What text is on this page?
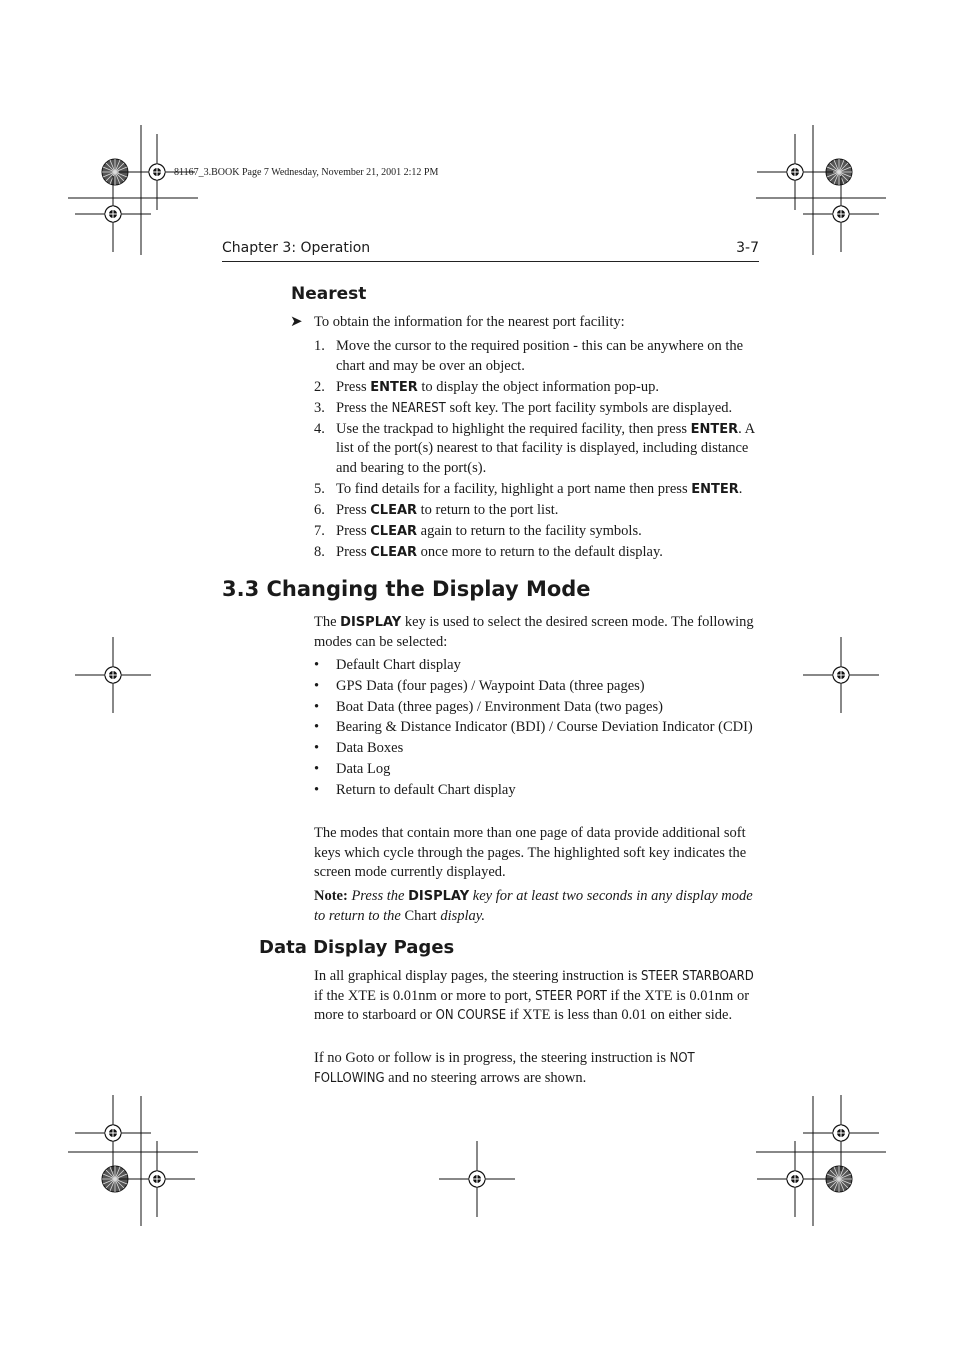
81167_3.BOOK Page 7 Wednesday, November 21, 2001 2:12 PM
Chapter 3: Operation	3-7
Nearest
➤ To obtain the information for the nearest port facility:
1. Move the cursor to the required position - this can be anywhere on the chart and may be over an object.
2. Press ENTER to display the object information pop-up.
3. Press the NEAREST soft key. The port facility symbols are displayed.
4. Use the trackpad to highlight the required facility, then press ENTER. A list of the port(s) nearest to that facility is displayed, including distance and bearing to the port(s).
5. To find details for a facility, highlight a port name then press ENTER.
6. Press CLEAR to return to the port list.
7. Press CLEAR again to return to the facility symbols.
8. Press CLEAR once more to return to the default display.
3.3 Changing the Display Mode
The DISPLAY key is used to select the desired screen mode. The following modes can be selected:
• Default Chart display
• GPS Data (four pages) / Waypoint Data (three pages)
• Boat Data (three pages) / Environment Data (two pages)
• Bearing & Distance Indicator (BDI) / Course Deviation Indicator (CDI)
• Data Boxes
• Data Log
• Return to default Chart display
The modes that contain more than one page of data provide additional soft keys which cycle through the pages. The highlighted soft key indicates the screen mode currently displayed.
Note: Press the DISPLAY key for at least two seconds in any display mode to return to the Chart display.
Data Display Pages
In all graphical display pages, the steering instruction is STEER STARBOARD if the XTE is 0.01nm or more to port, STEER PORT if the XTE is 0.01nm or more to starboard or ON COURSE if XTE is less than 0.01 on either side.
If no Goto or follow is in progress, the steering instruction is NOT FOLLOWING and no steering arrows are shown.
